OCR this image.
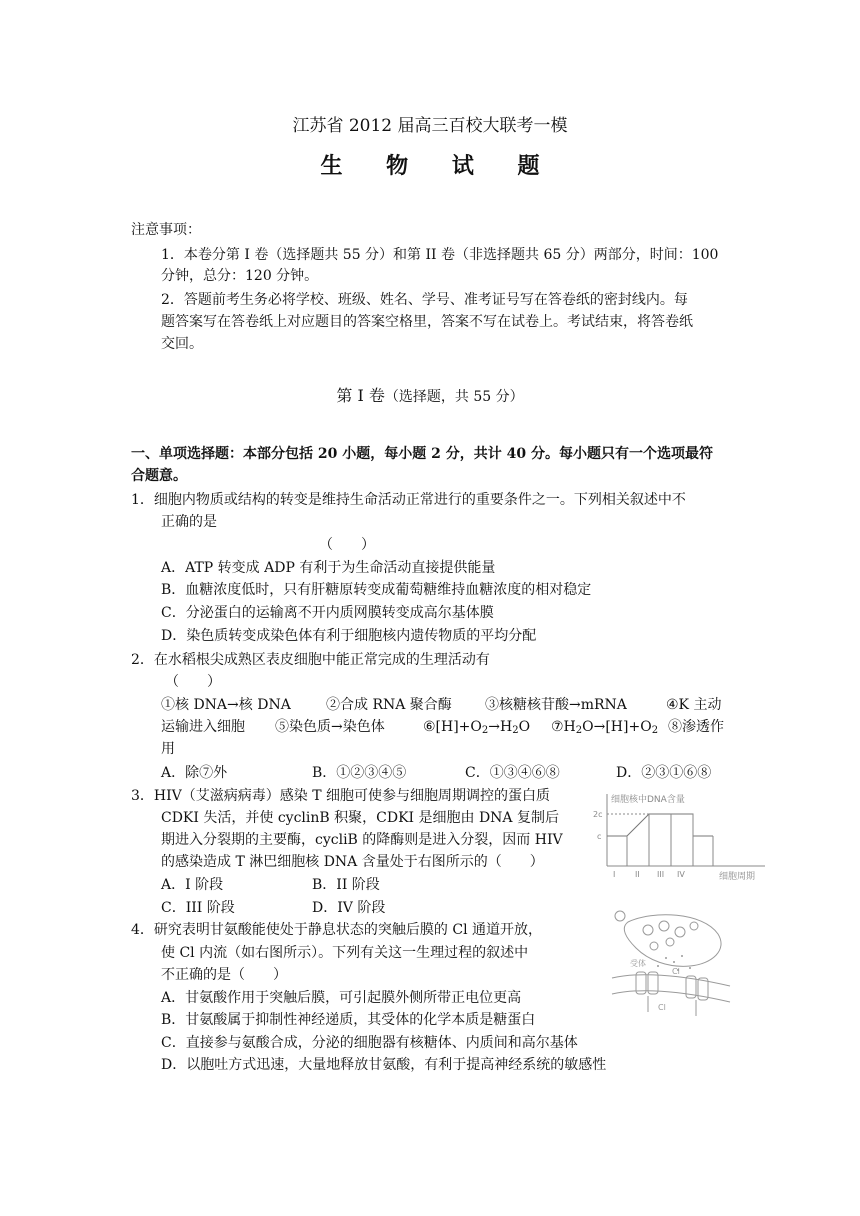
江苏省 2012 届高三百校大联考一模
生 物 试 题
注意事项：
1．本卷分第 I 卷（选择题共 55 分）和第 II 卷（非选择题共 65 分）两部分，时间：100
分钟，总分：120 分钟。
2．答题前考生务必将学校、班级、姓名、学号、准考证号写在答卷纸的密封线内。每
题答案写在答卷纸上对应题目的答案空格里，答案不写在试卷上。考试结束，将答卷纸
交回。
第 I 卷（选择题，共 55 分）
一、单项选择题：本部分包括 20 小题，每小题 2 分，共计 40 分。每小题只有一个选项最符
合题意。
1．细胞内物质或结构的转变是维持生命活动正常进行的重要条件之一。下列相关叙述中不
正确的是
（　　）
A．ATP 转变成 ADP 有利于为生命活动直接提供能量
B．血糖浓度低时，只有肝糖原转变成葡萄糖维持血糖浓度的相对稳定
C．分泌蛋白的运输离不开内质网膜转变成高尔基体膜
D．染色质转变成染色体有利于细胞核内遗传物质的平均分配
2．在水稻根尖成熟区表皮细胞中能正常完成的生理活动有
（　　）
①核 DNA→核 DNA	②合成 RNA 聚合酶 ③核糖核苷酸→mRNA	④K 主动
运输进入细胞 ⑤染色质→染色体	$⑥[H]+O_2\to H_2O$ $⑦H_2O\to[H]+O_2$ ⑧渗透作
用
A．除⑦外	B．①②③④⑤	C．①③④⑥⑧	D．②③①⑥⑧
3．HIV（艾滋病病毒）感染 T 细胞可使参与细胞周期调控的蛋白质
CDKI 失活，并使 cyclinB 积聚，CDKI 是细胞由 DNA 复制后
期进入分裂期的主要酶，cycliB 的降酶则是进入分裂，因而 HIV
的感染造成 T 淋巴细胞核 DNA 含量处于右图所示的（　　）
A．I 阶段	B．II 阶段
C．III 阶段	D．IV 阶段
细胞核中DNA含量
2c
c
I II III IV	细胞周期
4．研究表明甘氨酸能使处于静息状态的突触后膜的 Cl 通道开放，
使 Cl 内流（如右图所示）。下列有关这一生理过程的叙述中
不正确的是（　　）
A．甘氨酸作用于突触后膜，可引起膜外侧所带正电位更高
B．甘氨酸属于抑制性神经递质，其受体的化学本质是糖蛋白
C．直接参与氨酸合成，分泌的细胞器有核糖体、内质间和高尔基体
D．以胞吐方式迅速，大量地释放甘氨酸，有利于提高神经系统的敏感性
受体
Cl
Cl
